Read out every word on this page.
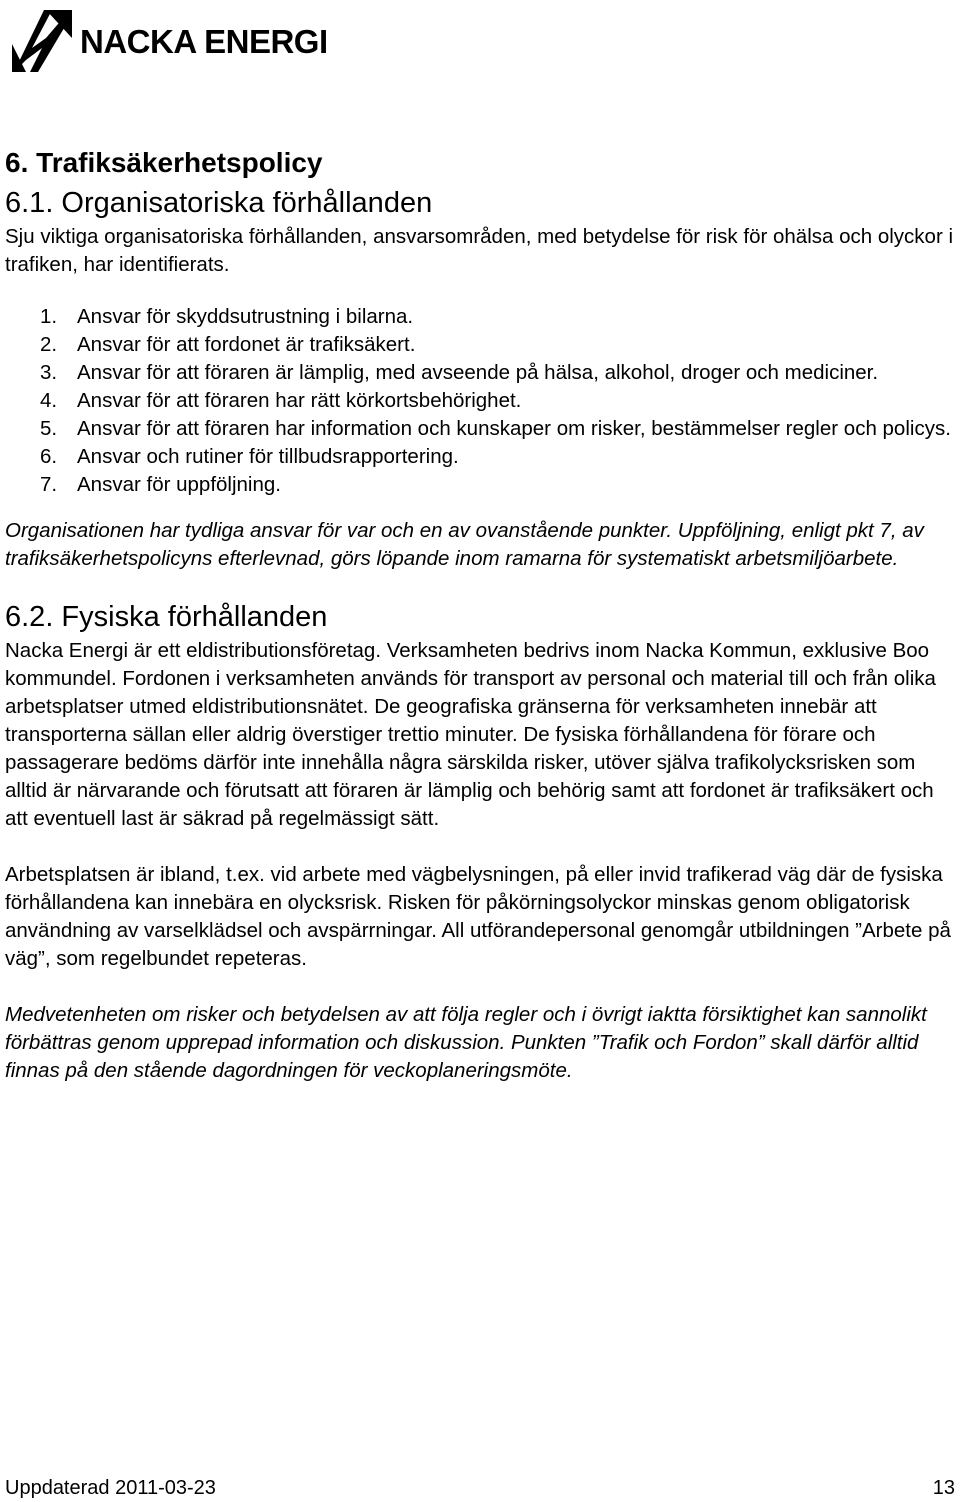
NACKA ENERGI
6. Trafiksäkerhetspolicy
6.1. Organisatoriska förhållanden

Sju viktiga organisatoriska förhållanden, ansvarsområden, med betydelse för risk för ohälsa och olyckor i trafiken, har identifierats.

1. Ansvar för skyddsutrustning i bilarna.
2. Ansvar för att fordonet är trafiksäkert.
3. Ansvar för att föraren är lämplig, med avseende på hälsa, alkohol, droger och mediciner.
4. Ansvar för att föraren har rätt körkortsbehörighet.
5. Ansvar för att föraren har information och kunskaper om risker, bestämmelser regler och policys.
6. Ansvar och rutiner för tillbudsrapportering.
7. Ansvar för uppföljning.

Organisationen har tydliga ansvar för var och en av ovanstående punkter. Uppföljning, enligt pkt 7, av trafiksäkerhetspolicyns efterlevnad, görs löpande inom ramarna för systematiskt arbetsmiljöarbete.

6.2. Fysiska förhållanden

Nacka Energi är ett eldistributionsföretag. Verksamheten bedrivs inom Nacka Kommun, exklusive Boo kommundel. Fordonen i verksamheten används för transport av personal och material till och från olika arbetsplatser utmed eldistributionsnätet. De geografiska gränserna för verksamheten innebär att transporterna sällan eller aldrig överstiger trettio minuter. De fysiska förhållandena för förare och passagerare bedöms därför inte innehålla några särskilda risker, utöver själva trafikolycksrisken som alltid är närvarande och förutsatt att föraren är lämplig och behörig samt att fordonet är trafiksäkert och att eventuell last är säkrad på regelmässigt sätt.

Arbetsplatsen är ibland, t.ex. vid arbete med vägbelysningen, på eller invid trafikerad väg där de fysiska förhållandena kan innebära en olycksrisk. Risken för påkörningsolyckor minskas genom obligatorisk användning av varselklädsel och avspärrningar. All utförandepersonal genomgår utbildningen ”Arbete på väg”, som regelbundet repeteras.

Medvetenheten om risker och betydelsen av att följa regler och i övrigt iaktta försiktighet kan sannolikt förbättras genom upprepad information och diskussion. Punkten ”Trafik och Fordon” skall därför alltid finnas på den stående dagordningen för veckoplaneringsmöte.

Uppdaterad 2011-03-23	13
